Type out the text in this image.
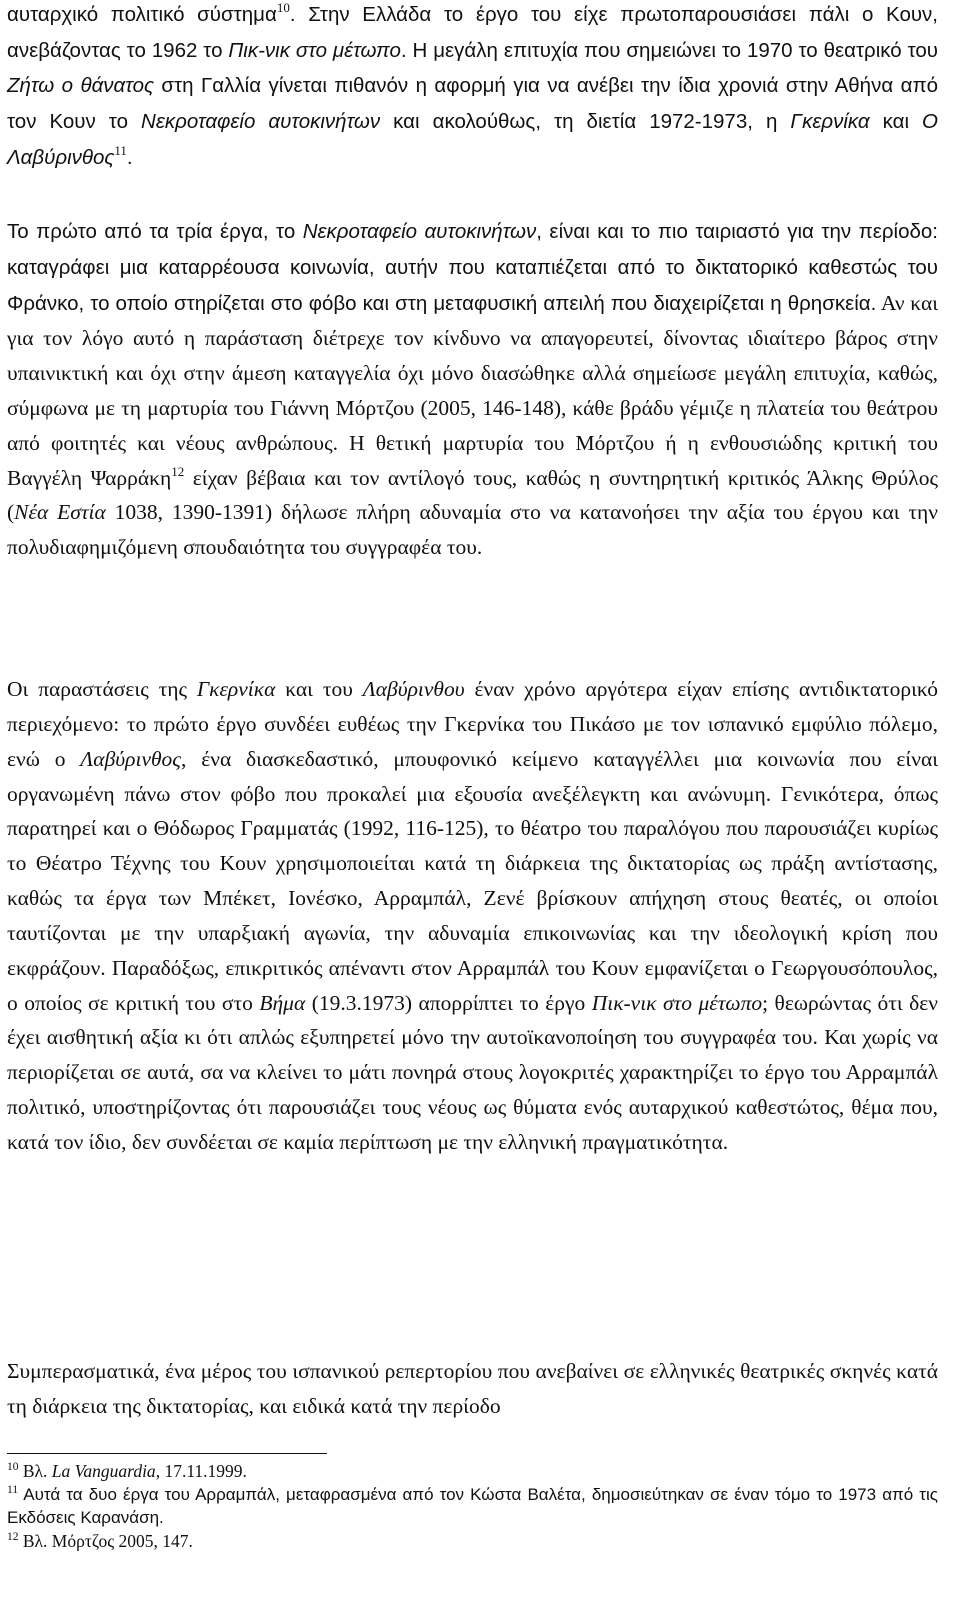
αυταρχικό πολιτικό σύστημα$^{10}$. Στην Ελλάδα το έργο του είχε πρωτοπαρουσιάσει πάλι ο Κουν, ανεβάζοντας το 1962 το Πικ-νικ στο μέτωπο. Η μεγάλη επιτυχία που σημειώνει το 1970 το θεατρικό του Ζήτω ο θάνατος στη Γαλλία γίνεται πιθανόν η αφορμή για να ανέβει την ίδια χρονιά στην Αθήνα από τον Κουν το Νεκροταφείο αυτοκινήτων και ακολούθως, τη διετία 1972-1973, η Γκερνίκα και Ο Λαβύρινθος$^{11}$.

Το πρώτο από τα τρία έργα, το Νεκροταφείο αυτοκινήτων, είναι και το πιο ταιριαστό για την περίοδο: καταγράφει μια καταρρέουσα κοινωνία, αυτήν που καταπιέζεται από το δικτατορικό καθεστώς του Φράνκο, το οποίο στηρίζεται στο φόβο και στη μεταφυσική απειλή που διαχειρίζεται η θρησκεία. Αν και για τον λόγο αυτό η παράσταση διέτρεχε τον κίνδυνο να απαγορευτεί, δίνοντας ιδιαίτερο βάρος στην υπαινικτική και όχι στην άμεση καταγγελία όχι μόνο διασώθηκε αλλά σημείωσε μεγάλη επιτυχία, καθώς, σύμφωνα με τη μαρτυρία του Γιάννη Μόρτζου (2005, 146-148), κάθε βράδυ γέμιζε η πλατεία του θεάτρου από φοιτητές και νέους ανθρώπους. Η θετική μαρτυρία του Μόρτζου ή η ενθουσιώδης κριτική του Βαγγέλη Ψαρράκη$^{12}$ είχαν βέβαια και τον αντίλογό τους, καθώς η συντηρητική κριτικός Άλκης Θρύλος (Νέα Εστία 1038, 1390-1391) δήλωσε πλήρη αδυναμία στο να κατανοήσει την αξία του έργου και την πολυδιαφημιζόμενη σπουδαιότητα του συγγραφέα του.

Οι παραστάσεις της Γκερνίκα και του Λαβύρινθου έναν χρόνο αργότερα είχαν επίσης αντιδικτατορικό περιεχόμενο: το πρώτο έργο συνδέει ευθέως την Γκερνίκα του Πικάσο με τον ισπανικό εμφύλιο πόλεμο, ενώ ο Λαβύρινθος, ένα διασκεδαστικό, μπουφονικό κείμενο καταγγέλλει μια κοινωνία που είναι οργανωμένη πάνω στον φόβο που προκαλεί μια εξουσία ανεξέλεγκτη και ανώνυμη. Γενικότερα, όπως παρατηρεί και ο Θόδωρος Γραμματάς (1992, 116-125), το θέατρο του παραλόγου που παρουσιάζει κυρίως το Θέατρο Τέχνης του Κουν χρησιμοποιείται κατά τη διάρκεια της δικτατορίας ως πράξη αντίστασης, καθώς τα έργα των Μπέκετ, Ιονέσκο, Αρραμπάλ, Ζενέ βρίσκουν απήχηση στους θεατές, οι οποίοι ταυτίζονται με την υπαρξιακή αγωνία, την αδυναμία επικοινωνίας και την ιδεολογική κρίση που εκφράζουν. Παραδόξως, επικριτικός απέναντι στον Αρραμπάλ του Κουν εμφανίζεται ο Γεωργουσόπουλος, ο οποίος σε κριτική του στο Βήμα (19.3.1973) απορρίπτει το έργο Πικ-νικ στο μέτωπο; θεωρώντας ότι δεν έχει αισθητική αξία κι ότι απλώς εξυπηρετεί μόνο την αυτοϊκανοποίηση του συγγραφέα του. Και χωρίς να περιορίζεται σε αυτά, σα να κλείνει το μάτι πονηρά στους λογοκριτές χαρακτηρίζει το έργο του Αρραμπάλ πολιτικό, υποστηρίζοντας ότι παρουσιάζει τους νέους ως θύματα ενός αυταρχικού καθεστώτος, θέμα που, κατά τον ίδιο, δεν συνδέεται σε καμία περίπτωση με την ελληνική πραγματικότητα.

Συμπερασματικά, ένα μέρος του ισπανικού ρεπερτορίου που ανεβαίνει σε ελληνικές θεατρικές σκηνές κατά τη διάρκεια της δικτατορίας, και ειδικά κατά την περίοδο

$^{10}$ Βλ. La Vanguardia, 17.11.1999.

$^{11}$ Αυτά τα δυο έργα του Αρραμπάλ, μεταφρασμένα από τον Κώστα Βαλέτα, δημοσιεύτηκαν σε έναν τόμο το 1973 από τις Εκδόσεις Καρανάση.

$^{12}$ Βλ. Μόρτζος 2005, 147.
